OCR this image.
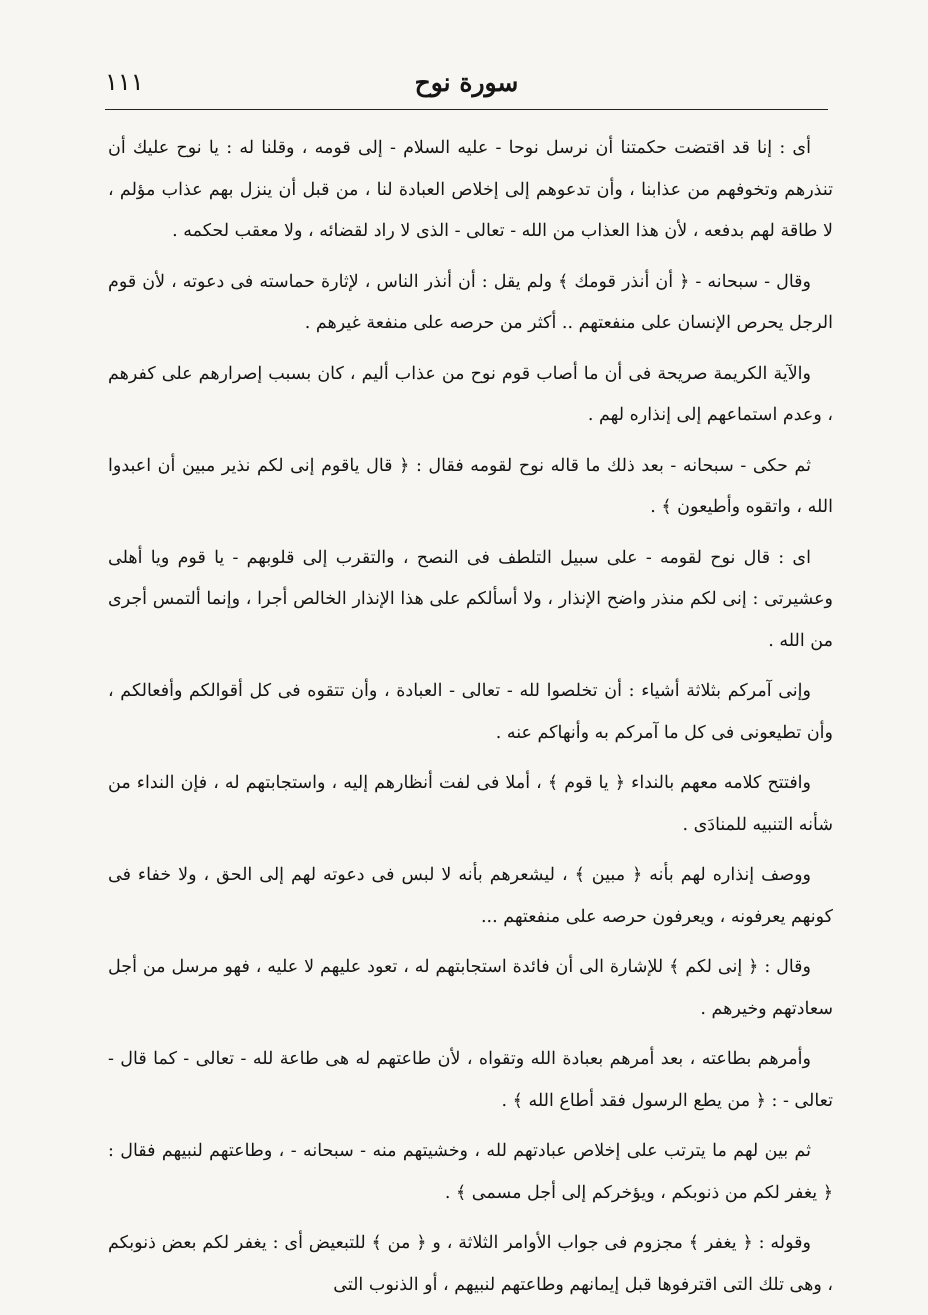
١١١	سورة نوح

أى : إنا قد اقتضت حكمتنا أن نرسل نوحا - عليه السلام - إلى قومه ، وقلنا له : يا نوح عليك أن تنذرهم وتخوفهم من عذابنا ، وأن تدعوهم إلى إخلاص العبادة لنا ، من قبل أن ينزل بهم عذاب مؤلم ، لا طاقة لهم بدفعه ، لأن هذا العذاب من الله - تعالى - الذى لا راد لقضائه ، ولا معقب لحكمه .

وقال - سبحانه - ﴿ أن أنذر قومك ﴾ ولم يقل : أن أنذر الناس ، لإثارة حماسته فى دعوته ، لأن قوم الرجل يحرص الإنسان على منفعتهم .. أكثر من حرصه على منفعة غيرهم .

والآية الكريمة صريحة فى أن ما أصاب قوم نوح من عذاب أليم ، كان بسبب إصرارهم على كفرهم ، وعدم استماعهم إلى إنذاره لهم .

ثم حكى - سبحانه - بعد ذلك ما قاله نوح لقومه فقال : ﴿ قال ياقوم إنى لكم نذير مبين أن اعبدوا الله ، واتقوه وأطيعون ﴾ .

اى : قال نوح لقومه - على سبيل التلطف فى النصح ، والتقرب إلى قلوبهم - يا قوم ويا أهلى وعشيرتى : إنى لكم منذر واضح الإنذار ، ولا أسألكم على هذا الإنذار الخالص أجرا ، وإنما ألتمس أجرى من الله .

وإنى آمركم بثلاثة أشياء : أن تخلصوا لله - تعالى - العبادة ، وأن تتقوه فى كل أقوالكم وأفعالكم ، وأن تطيعونى فى كل ما آمركم به وأنهاكم عنه .

وافتتح كلامه معهم بالنداء ﴿ يا قوم ﴾ ، أملا فى لفت أنظارهم إليه ، واستجابتهم له ، فإن النداء من شأنه التنبيه للمنادَى .

ووصف إنذاره لهم بأنه ﴿ مبين ﴾ ، ليشعرهم بأنه لا لبس فى دعوته لهم إلى الحق ، ولا خفاء فى كونهم يعرفونه ، ويعرفون حرصه على منفعتهم ...

وقال : ﴿ إنى لكم ﴾ للإشارة الى أن فائدة استجابتهم له ، تعود عليهم لا عليه ، فهو مرسل من أجل سعادتهم وخيرهم .

وأمرهم بطاعته ، بعد أمرهم بعبادة الله وتقواه ، لأن طاعتهم له هى طاعة لله - تعالى - كما قال - تعالى - : ﴿ من يطع الرسول فقد أطاع الله ﴾ .

ثم بين لهم ما يترتب على إخلاص عبادتهم لله ، وخشيتهم منه - سبحانه - ، وطاعتهم لنبيهم فقال : ﴿ يغفر لكم من ذنوبكم ، ويؤخركم إلى أجل مسمى ﴾ .

وقوله : ﴿ يغفر ﴾ مجزوم فى جواب الأوامر الثلاثة ، و ﴿ من ﴾ للتبعيض أى : يغفر لكم بعض ذنوبكم ، وهى تلك التى اقترفوها قبل إيمانهم وطاعتهم لنبيهم ، أو الذنوب التى
